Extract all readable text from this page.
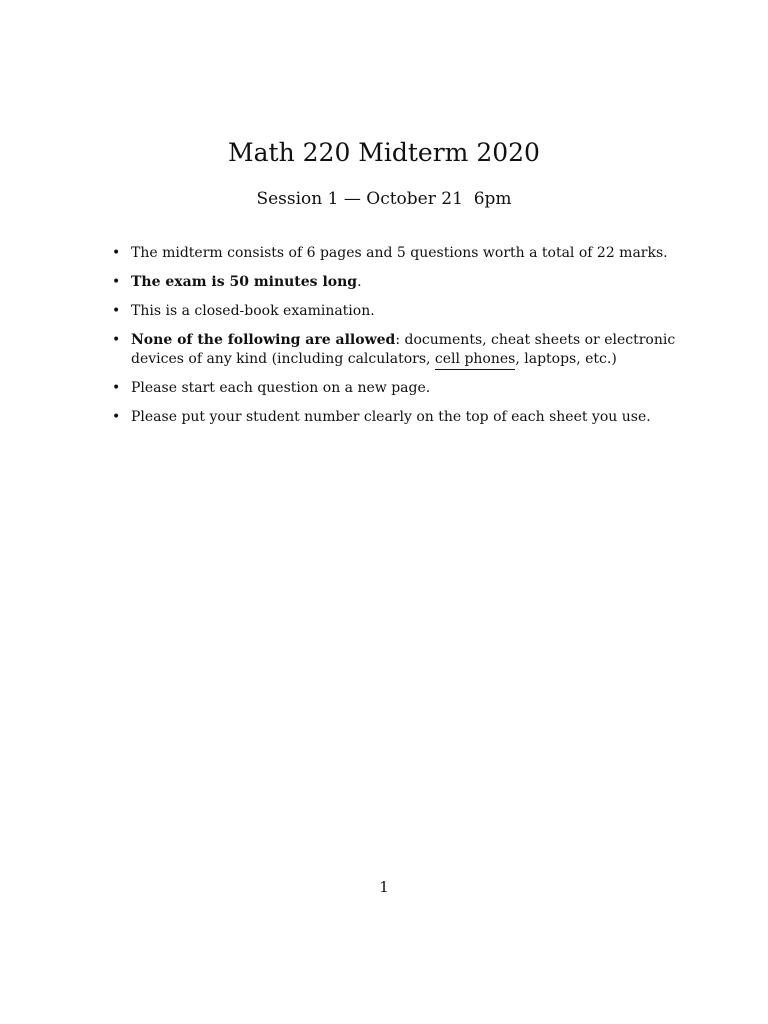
Math 220 Midterm 2020
Session 1 — October 21  6pm
• The midterm consists of 6 pages and 5 questions worth a total of 22 marks.
• The exam is 50 minutes long.
• This is a closed-book examination.
• None of the following are allowed: documents, cheat sheets or electronic devices of any kind (including calculators, cell phones, laptops, etc.)
• Please start each question on a new page.
• Please put your student number clearly on the top of each sheet you use.
1
